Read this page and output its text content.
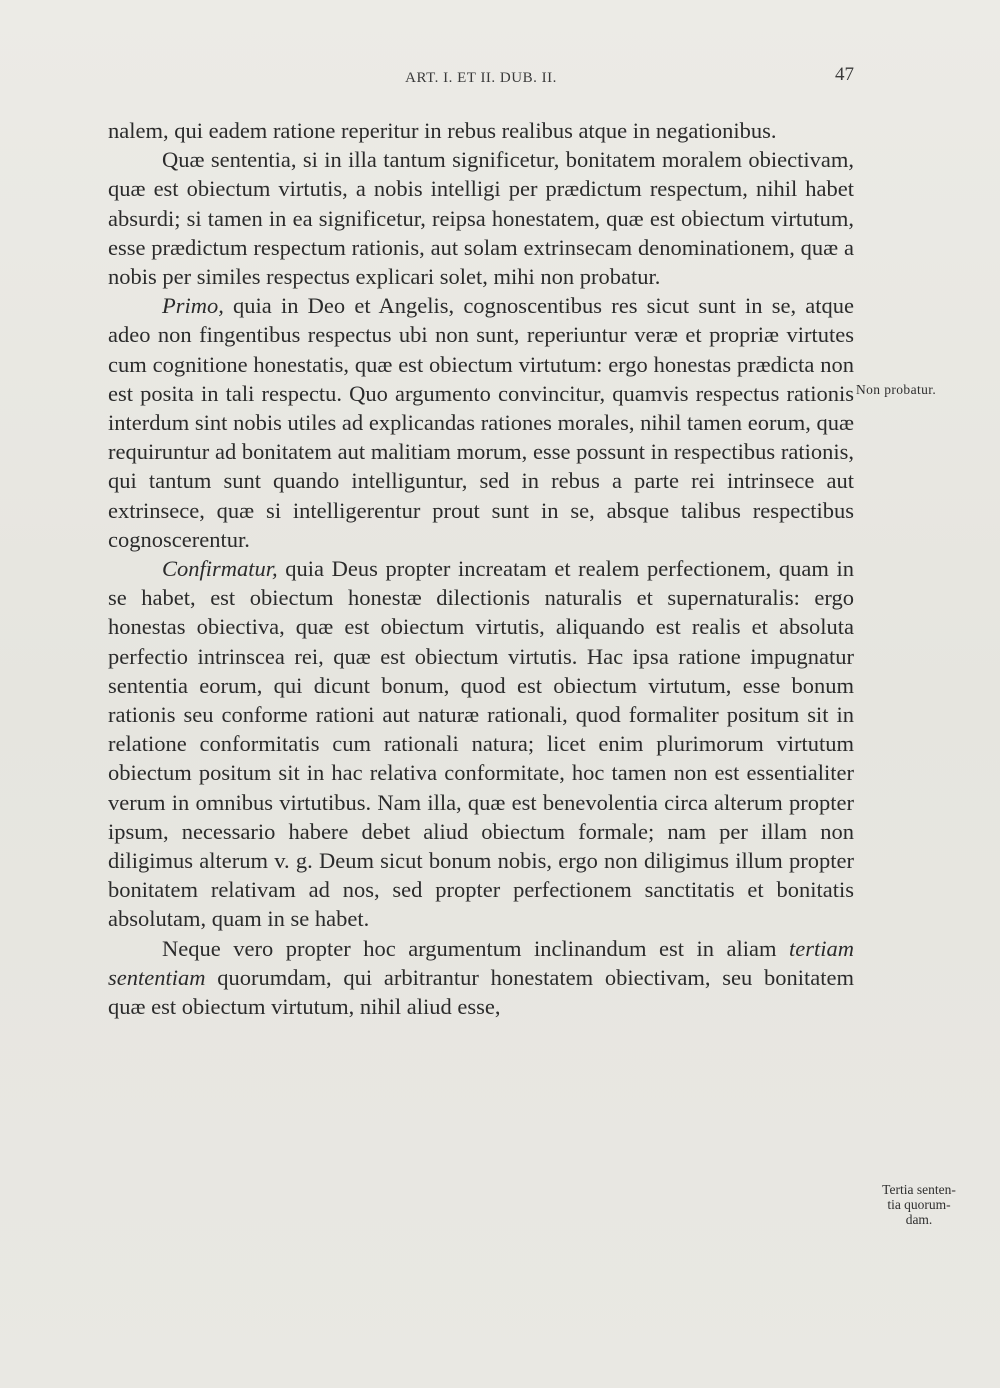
ART. I. ET II. DUB. II.	47

nalem, qui eadem ratione reperitur in rebus realibus atque in negationibus.

Quæ sententia, si in illa tantum significetur, bonitatem moralem obiectivam, quæ est obiectum virtutis, a nobis intelligi per prædictum respectum, nihil habet absurdi; si tamen in ea significetur, reipsa honestatem, quæ est obiectum virtutum, esse prædictum respectum rationis, aut solam extrinsecam denominationem, quæ a nobis per similes respectus explicari solet, mihi non probatur.

Primo, quia in Deo et Angelis, cognoscentibus res sicut sunt in se, atque adeo non fingentibus respectus ubi non sunt, reperiuntur veræ et propriæ virtutes cum cognitione honestatis, quæ est obiectum virtutum: ergo honestas prædicta non est posita in tali respectu. Quo argumento convincitur, quamvis respectus rationis interdum sint nobis utiles ad explicandas rationes morales, nihil tamen eorum, quæ requiruntur ad bonitatem aut malitiam morum, esse possunt in respectibus rationis, qui tantum sunt quando intelliguntur, sed in rebus a parte rei intrinsece aut extrinsece, quæ si intelligerentur prout sunt in se, absque talibus respectibus cognoscerentur.

Confirmatur, quia Deus propter increatam et realem perfectionem, quam in se habet, est obiectum honestæ dilectionis naturalis et supernaturalis: ergo honestas obiectiva, quæ est obiectum virtutis, aliquando est realis et absoluta perfectio intrinscea rei, quæ est obiectum virtutis. Hac ipsa ratione impugnatur sententia eorum, qui dicunt bonum, quod est obiectum virtutum, esse bonum rationis seu conforme rationi aut naturæ rationali, quod formaliter positum sit in relatione conformitatis cum rationali natura; licet enim plurimorum virtutum obiectum positum sit in hac relativa conformitate, hoc tamen non est essentialiter verum in omnibus virtutibus. Nam illa, quæ est benevolentia circa alterum propter ipsum, necessario habere debet aliud obiectum formale; nam per illam non diligimus alterum v. g. Deum sicut bonum nobis, ergo non diligimus illum propter bonitatem relativam ad nos, sed propter perfectionem sanctitatis et bonitatis absolutam, quam in se habet.

Neque vero propter hoc argumentum inclinandum est in aliam tertiam sententiam quorumdam, qui arbitrantur honestatem obiectivam, seu bonitatem quæ est obiectum virtutum, nihil aliud esse,

Non probatur.
Tertia senten-
tia quorum-
dam.
